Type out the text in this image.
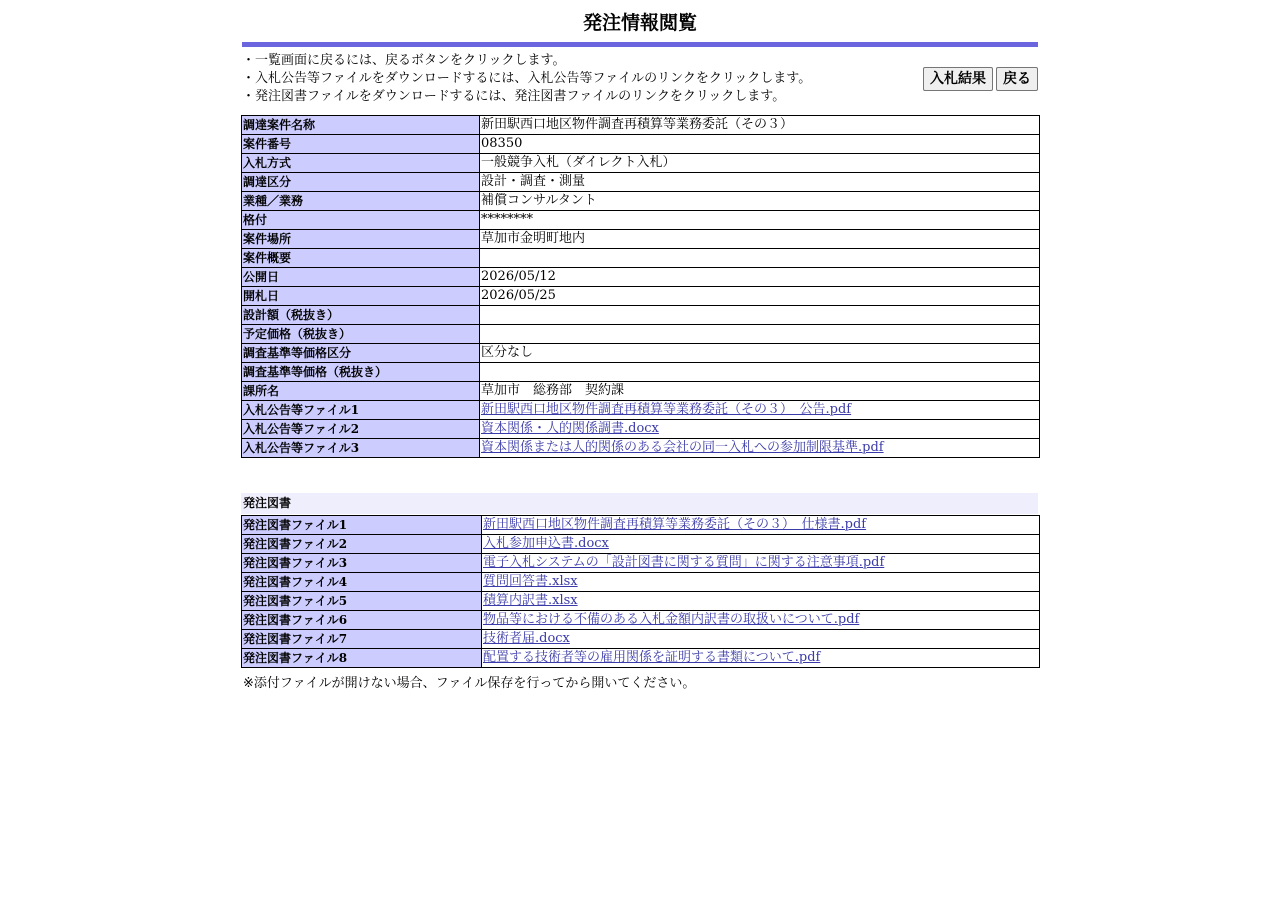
発注情報閲覧
・一覧画面に戻るには、戻るボタンをクリックします。
・入札公告等ファイルをダウンロードするには、入札公告等ファイルのリンクをクリックします。
・発注図書ファイルをダウンロードするには、発注図書ファイルのリンクをクリックします。
入札結果	戻る
調達案件名称	新田駅西口地区物件調査再積算等業務委託（その３）
案件番号	08350
入札方式	一般競争入札（ダイレクト入札）
調達区分	設計・調査・測量
業種／業務	補償コンサルタント
格付	********
案件場所	草加市金明町地内
案件概要	
公開日	2026/05/12
開札日	2026/05/25
設計額（税抜き）	
予定価格（税抜き）	
調査基準等価格区分	区分なし
調査基準等価格（税抜き）	
課所名	草加市　総務部　契約課
入札公告等ファイル1	新田駅西口地区物件調査再積算等業務委託（その３）　公告.pdf
入札公告等ファイル2	資本関係・人的関係調書.docx
入札公告等ファイル3	資本関係または人的関係のある会社の同一入札への参加制限基準.pdf
発注図書
発注図書ファイル1	新田駅西口地区物件調査再積算等業務委託（その３）　仕様書.pdf
発注図書ファイル2	入札参加申込書.docx
発注図書ファイル3	電子入札システムの「設計図書に関する質問」に関する注意事項.pdf
発注図書ファイル4	質問回答書.xlsx
発注図書ファイル5	積算内訳書.xlsx
発注図書ファイル6	物品等における不備のある入札金額内訳書の取扱いについて.pdf
発注図書ファイル7	技術者届.docx
発注図書ファイル8	配置する技術者等の雇用関係を証明する書類について.pdf
※添付ファイルが開けない場合、ファイル保存を行ってから開いてください。
